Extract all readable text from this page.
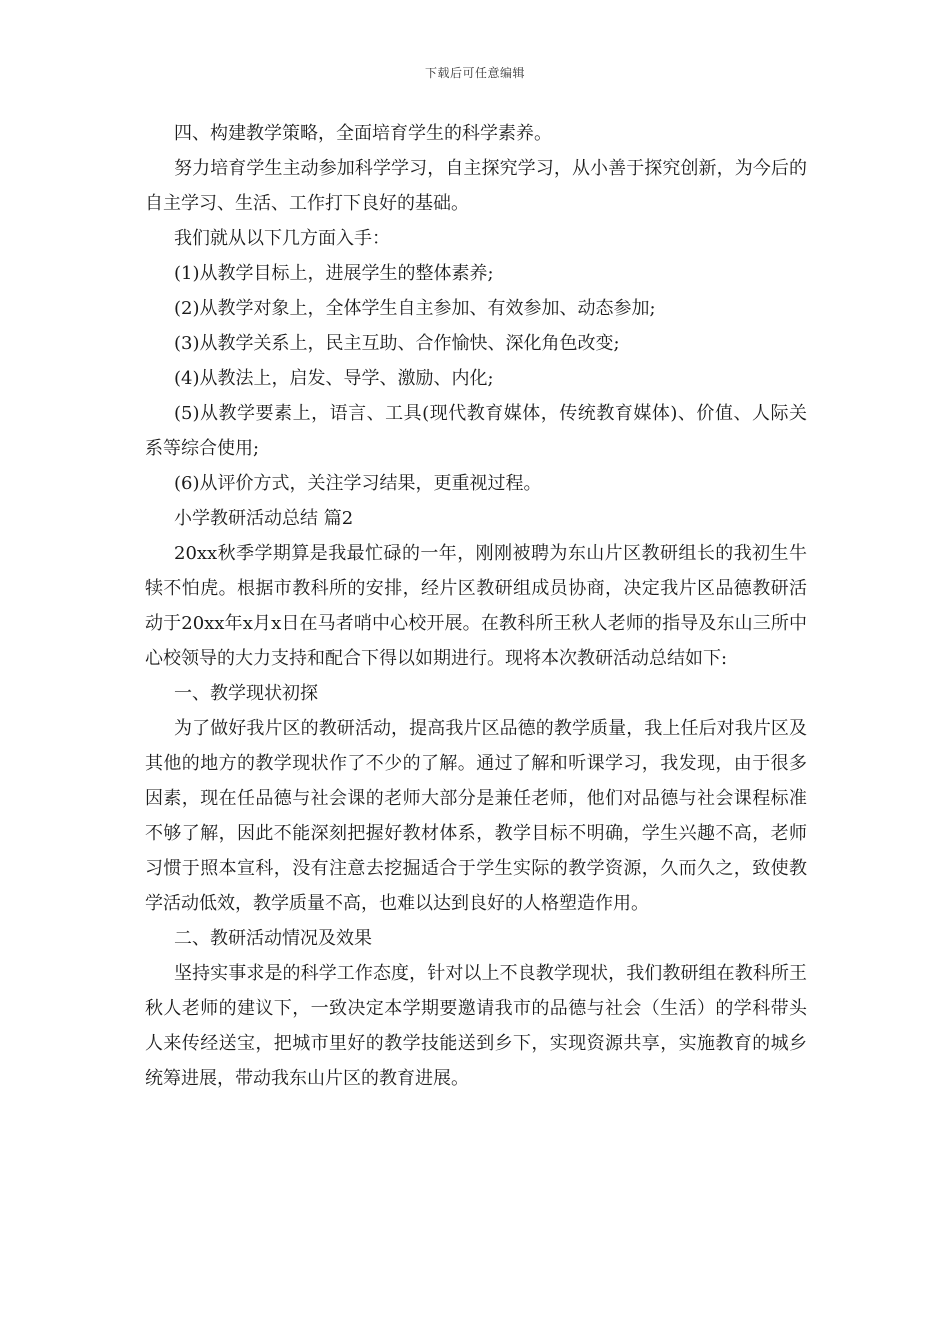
下载后可任意编辑

四、构建教学策略，全面培育学生的科学素养。

努力培育学生主动参加科学学习，自主探究学习，从小善于探究创新，为今后的自主学习、生活、工作打下良好的基础。

我们就从以下几方面入手：

(1)从教学目标上，进展学生的整体素养;

(2)从教学对象上，全体学生自主参加、有效参加、动态参加;

(3)从教学关系上，民主互助、合作愉快、深化角色改变;

(4)从教法上，启发、导学、激励、内化;

(5)从教学要素上，语言、工具(现代教育媒体，传统教育媒体)、价值、人际关系等综合使用;

(6)从评价方式，关注学习结果，更重视过程。

小学教研活动总结 篇2

20xx秋季学期算是我最忙碌的一年，刚刚被聘为东山片区教研组长的我初生牛犊不怕虎。根据市教科所的安排，经片区教研组成员协商，决定我片区品德教研活动于20xx年x月x日在马者哨中心校开展。在教科所王秋人老师的指导及东山三所中心校领导的大力支持和配合下得以如期进行。现将本次教研活动总结如下:

一、教学现状初探

为了做好我片区的教研活动，提高我片区品德的教学质量，我上任后对我片区及其他的地方的教学现状作了不少的了解。通过了解和听课学习，我发现，由于很多因素，现在任品德与社会课的老师大部分是兼任老师，他们对品德与社会课程标准不够了解，因此不能深刻把握好教材体系，教学目标不明确，学生兴趣不高，老师习惯于照本宣科，没有注意去挖掘适合于学生实际的教学资源，久而久之，致使教学活动低效，教学质量不高，也难以达到良好的人格塑造作用。

二、教研活动情况及效果

坚持实事求是的科学工作态度，针对以上不良教学现状，我们教研组在教科所王秋人老师的建议下，一致决定本学期要邀请我市的品德与社会（生活）的学科带头人来传经送宝，把城市里好的教学技能送到乡下，实现资源共享，实施教育的城乡统筹进展，带动我东山片区的教育进展。
